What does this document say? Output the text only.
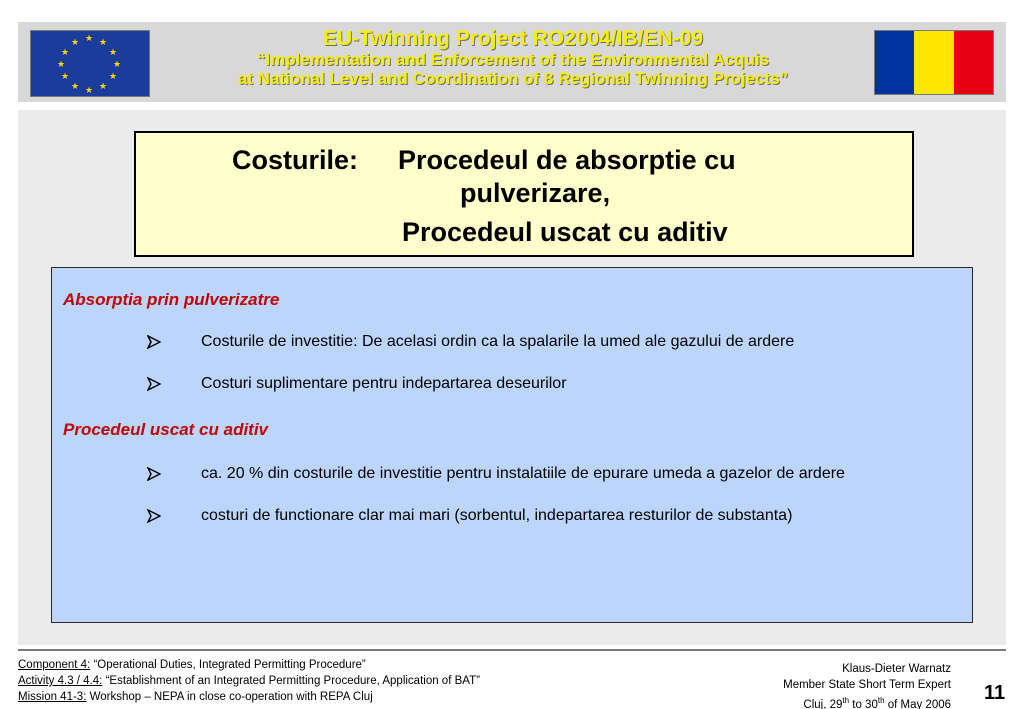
★ ★
★
★
★
★
★
★
★
★
★
★	EU-Twinning Project RO2004/IB/EN-09
“Implementation and Enforcement of the Environmental Acquis
at National Level and Coordination of 8 Regional Twinning Projects”
Costurile: Procedeul de absorptie cu
pulverizare,
Procedeul uscat cu aditiv
Absorptia prin pulverizatre
Costurile de investitie: De acelasi ordin ca la spalarile la umed ale gazului de ardere
Costuri suplimentare pentru indepartarea deseurilor
Procedeul uscat cu aditiv
ca. 20 % din costurile de investitie pentru instalatiile de epurare umeda a gazelor de ardere
costuri de functionare clar mai mari (sorbentul, indepartarea resturilor de substanta)
Component 4: “Operational Duties, Integrated Permitting Procedure”
Activity 4.3 / 4.4: “Establishment of an Integrated Permitting Procedure, Application of BAT”
Mission 41-3: Workshop – NEPA in close co-operation with REPA Cluj
Klaus-Dieter Warnatz
Member State Short Term Expert
Cluj, 29th to 30th of May 2006
11
